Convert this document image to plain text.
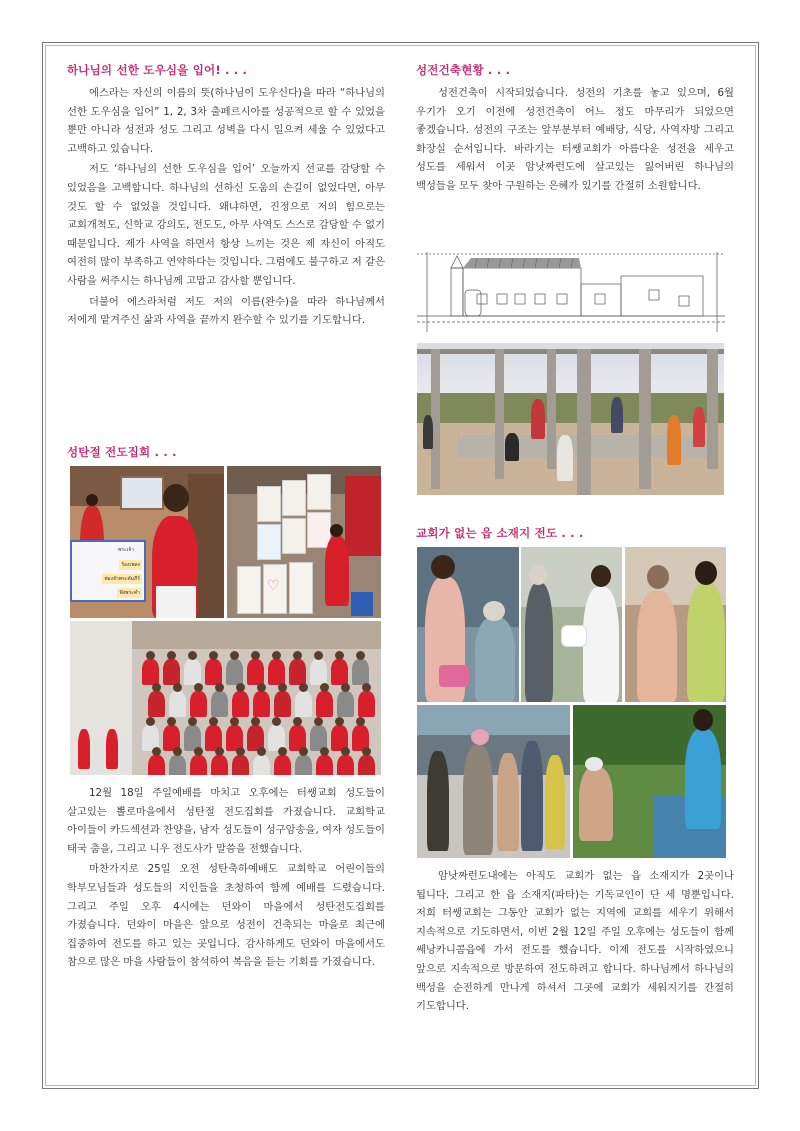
하나님의 선한 도우심을 입어! . . .

에스라는 자신의 이름의 뜻(하나님이 도우신다)을 따라 “하나님의 선한 도우심을 입어” 1, 2, 3차 출페르시아를 성공적으로 할 수 있었을 뿐만 아니라 성전과 성도 그리고 성벽을 다시 일으켜 세울 수 있었다고 고백하고 있습니다.

저도 ‘하나님의 선한 도우심을 입어’ 오늘까지 선교를 감당할 수 있었음을 고백합니다. 하나님의 선하신 도움의 손길이 없었다면, 아무 것도 할 수 없었을 것입니다. 왜냐하면, 진정으로 저의 힘으로는 교회개척도, 신학교 강의도, 전도도, 아무 사역도 스스로 감당할 수 없기 때문입니다. 제가 사역을 하면서 항상 느끼는 것은 제 자신이 아직도 여전히 많이 부족하고 연약하다는 것입니다. 그럼에도 불구하고 저 같은 사람을 써주시는 하나님께 고맙고 감사할 뿐입니다.

더불어 에스라처럼 저도 저의 이름(완수)을 따라 하나님께서 저에게 맡겨주신 삶과 사역을 끝까지 완수할 수 있기를 기도합니다.

성탄절 전도집회 . . .
พระเจ้า
ร้องเพลง
ท่องจำพระคัมภีร์
ฟังพระคำ	♡

12월 18일 주일예배를 마치고 오후에는 터쌩교회 성도들이 살고있는 뽈로마을에서 성탄절 전도집회를 가졌습니다. 교회학교 아이들이 카드섹션과 찬양을, 남자 성도들이 성구암송을, 여자 성도들이 태국 춤을, 그리고 니우 전도사가 말씀을 전했습니다.

마찬가지로 25일 오전 성탄축하예배도 교회학교 어린이들의 학부모님들과 성도들의 지인들을 초청하여 함께 예배를 드렸습니다. 그리고 주일 오후 4시에는 던와이 마을에서 성탄전도집회를 가졌습니다. 던와이 마을은 앞으로 성전이 건축되는 마을로 최근에 집중하여 전도를 하고 있는 곳입니다. 감사하게도 던와이 마을에서도 참으로 많은 마을 사람들이 참석하여 복음을 듣는 기회를 가졌습니다.

성전건축현황 . . .

성전건축이 시작되었습니다. 성전의 기초를 놓고 있으며, 6월 우기가 오기 이전에 성전건축이 어느 정도 마무리가 되었으면 좋겠습니다. 성전의 구조는 앞부분부터 예배당, 식당, 사역자방 그리고 화장실 순서입니다. 바라기는 터쌩교회가 아름다운 성전을 세우고 성도를 세워서 이곳 암낫짜런도에 살고있는 잃어버린 하나님의 백성들을 모두 찾아 구원하는 은혜가 있기를 간절히 소원합니다.

교회가 없는 읍 소재지 전도 . . .

암낫짜런도내에는 아직도 교회가 없는 읍 소재지가 2곳이나 됩니다. 그리고 한 읍 소재지(파타)는 기독교인이 단 세 명뿐입니다. 저희 터쌩교회는 그동안 교회가 없는 지역에 교회를 세우기 위해서 지속적으로 기도하면서, 이번 2월 12일 주일 오후에는 성도들이 함께 쎄낭카니콤읍에 가서 전도를 했습니다. 이제 전도를 시작하였으니 앞으로 지속적으로 방문하여 전도하려고 합니다. 하나님께서 하나님의 백성을 순전하게 만나게 하셔서 그곳에 교회가 세워지기를 간절히 기도합니다.
